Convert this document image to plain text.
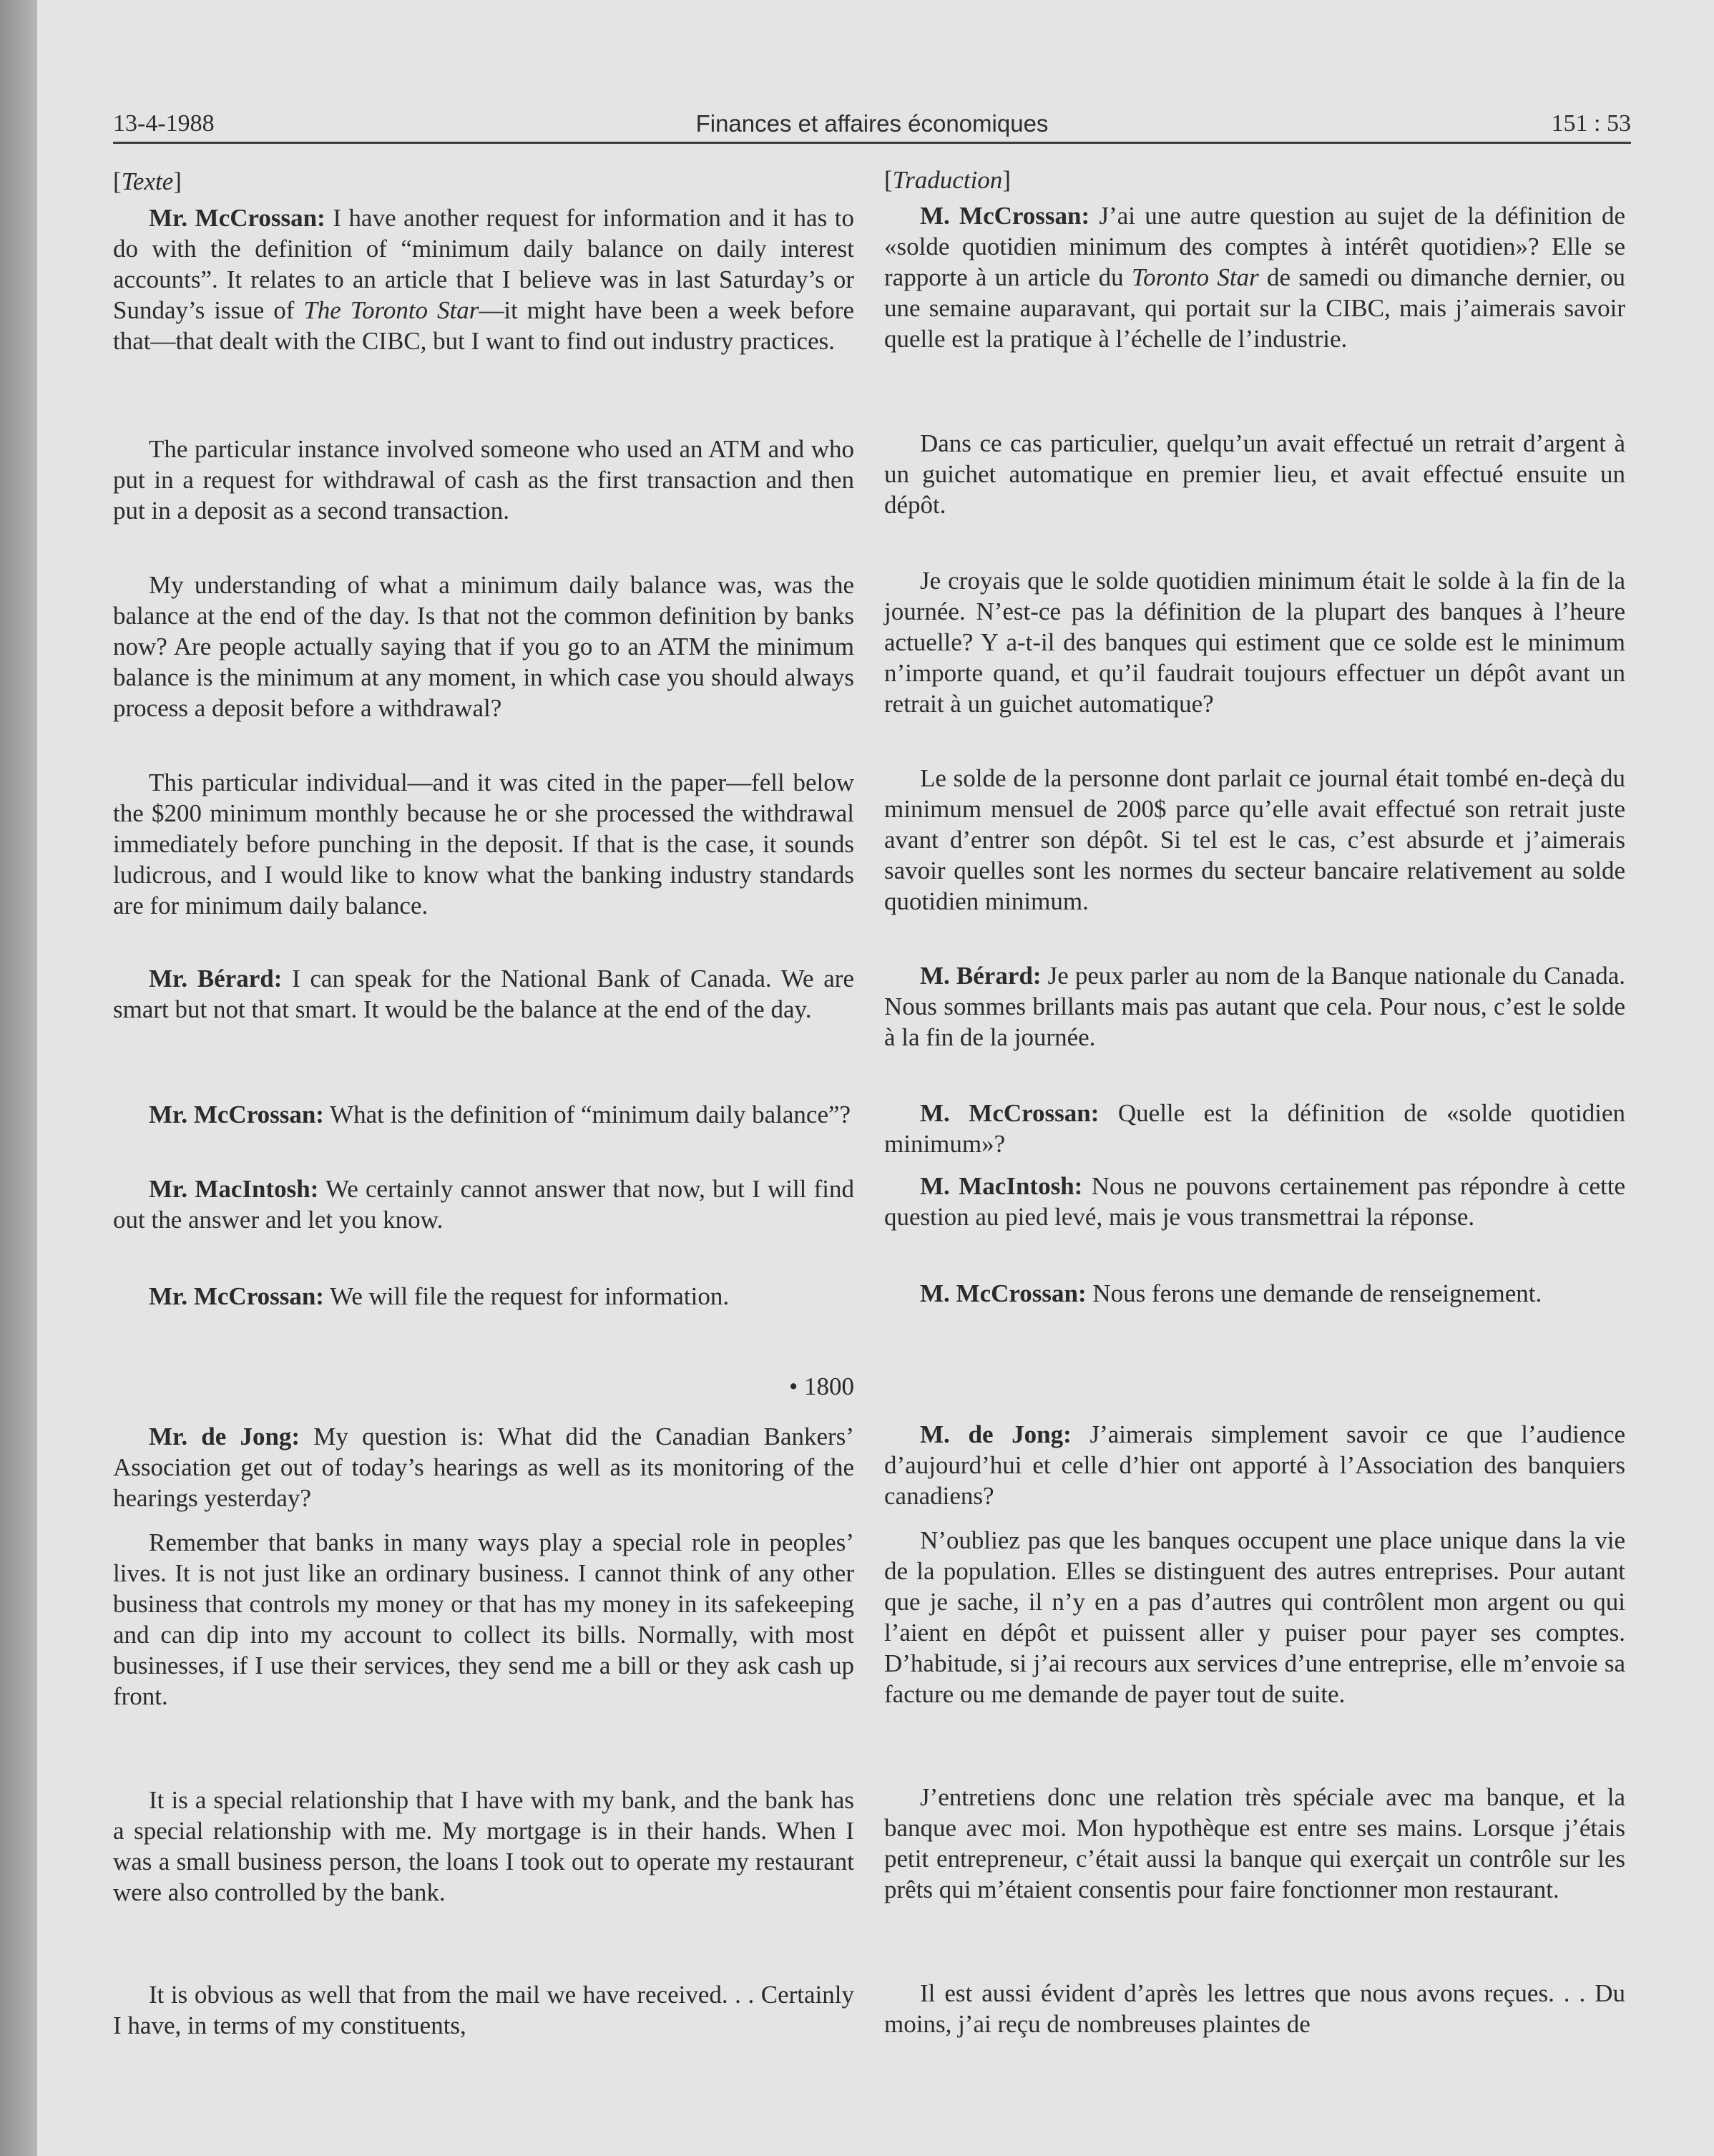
13-4-1988	Finances et affaires économiques	151 : 53

[Texte]

Mr. McCrossan: I have another request for information and it has to do with the definition of “minimum daily balance on daily interest accounts”. It relates to an article that I believe was in last Saturday’s or Sunday’s issue of The Toronto Star—it might have been a week before that—that dealt with the CIBC, but I want to find out industry practices.

The particular instance involved someone who used an ATM and who put in a request for withdrawal of cash as the first transaction and then put in a deposit as a second transaction.

My understanding of what a minimum daily balance was, was the balance at the end of the day. Is that not the common definition by banks now? Are people actually saying that if you go to an ATM the minimum balance is the minimum at any moment, in which case you should always process a deposit before a withdrawal?

This particular individual—and it was cited in the paper—fell below the $200 minimum monthly because he or she processed the withdrawal immediately before punching in the deposit. If that is the case, it sounds ludicrous, and I would like to know what the banking industry standards are for minimum daily balance.

Mr. Bérard: I can speak for the National Bank of Canada. We are smart but not that smart. It would be the balance at the end of the day.

Mr. McCrossan: What is the definition of “minimum daily balance”?

Mr. MacIntosh: We certainly cannot answer that now, but I will find out the answer and let you know.

Mr. McCrossan: We will file the request for information.

• 1800

Mr. de Jong: My question is: What did the Canadian Bankers’ Association get out of today’s hearings as well as its monitoring of the hearings yesterday?

Remember that banks in many ways play a special role in peoples’ lives. It is not just like an ordinary business. I cannot think of any other business that controls my money or that has my money in its safekeeping and can dip into my account to collect its bills. Normally, with most businesses, if I use their services, they send me a bill or they ask cash up front.

It is a special relationship that I have with my bank, and the bank has a special relationship with me. My mortgage is in their hands. When I was a small business person, the loans I took out to operate my restaurant were also controlled by the bank.

It is obvious as well that from the mail we have received. . . Certainly I have, in terms of my constituents,

[Traduction]

M. McCrossan: J’ai une autre question au sujet de la définition de «solde quotidien minimum des comptes à intérêt quotidien»? Elle se rapporte à un article du Toronto Star de samedi ou dimanche dernier, ou une semaine auparavant, qui portait sur la CIBC, mais j’aimerais savoir quelle est la pratique à l’échelle de l’industrie.

Dans ce cas particulier, quelqu’un avait effectué un retrait d’argent à un guichet automatique en premier lieu, et avait effectué ensuite un dépôt.

Je croyais que le solde quotidien minimum était le solde à la fin de la journée. N’est-ce pas la définition de la plupart des banques à l’heure actuelle? Y a-t-il des banques qui estiment que ce solde est le minimum n’importe quand, et qu’il faudrait toujours effectuer un dépôt avant un retrait à un guichet automatique?

Le solde de la personne dont parlait ce journal était tombé en-deçà du minimum mensuel de 200$ parce qu’elle avait effectué son retrait juste avant d’entrer son dépôt. Si tel est le cas, c’est absurde et j’aimerais savoir quelles sont les normes du secteur bancaire relativement au solde quotidien minimum.

M. Bérard: Je peux parler au nom de la Banque nationale du Canada. Nous sommes brillants mais pas autant que cela. Pour nous, c’est le solde à la fin de la journée.

M. McCrossan: Quelle est la définition de «solde quotidien minimum»?

M. MacIntosh: Nous ne pouvons certainement pas répondre à cette question au pied levé, mais je vous transmettrai la réponse.

M. McCrossan: Nous ferons une demande de renseignement.

M. de Jong: J’aimerais simplement savoir ce que l’audience d’aujourd’hui et celle d’hier ont apporté à l’Association des banquiers canadiens?

N’oubliez pas que les banques occupent une place unique dans la vie de la population. Elles se distinguent des autres entreprises. Pour autant que je sache, il n’y en a pas d’autres qui contrôlent mon argent ou qui l’aient en dépôt et puissent aller y puiser pour payer ses comptes. D’habitude, si j’ai recours aux services d’une entreprise, elle m’envoie sa facture ou me demande de payer tout de suite.

J’entretiens donc une relation très spéciale avec ma banque, et la banque avec moi. Mon hypothèque est entre ses mains. Lorsque j’étais petit entrepreneur, c’était aussi la banque qui exerçait un contrôle sur les prêts qui m’étaient consentis pour faire fonctionner mon restaurant.

Il est aussi évident d’après les lettres que nous avons reçues. . . Du moins, j’ai reçu de nombreuses plaintes de
